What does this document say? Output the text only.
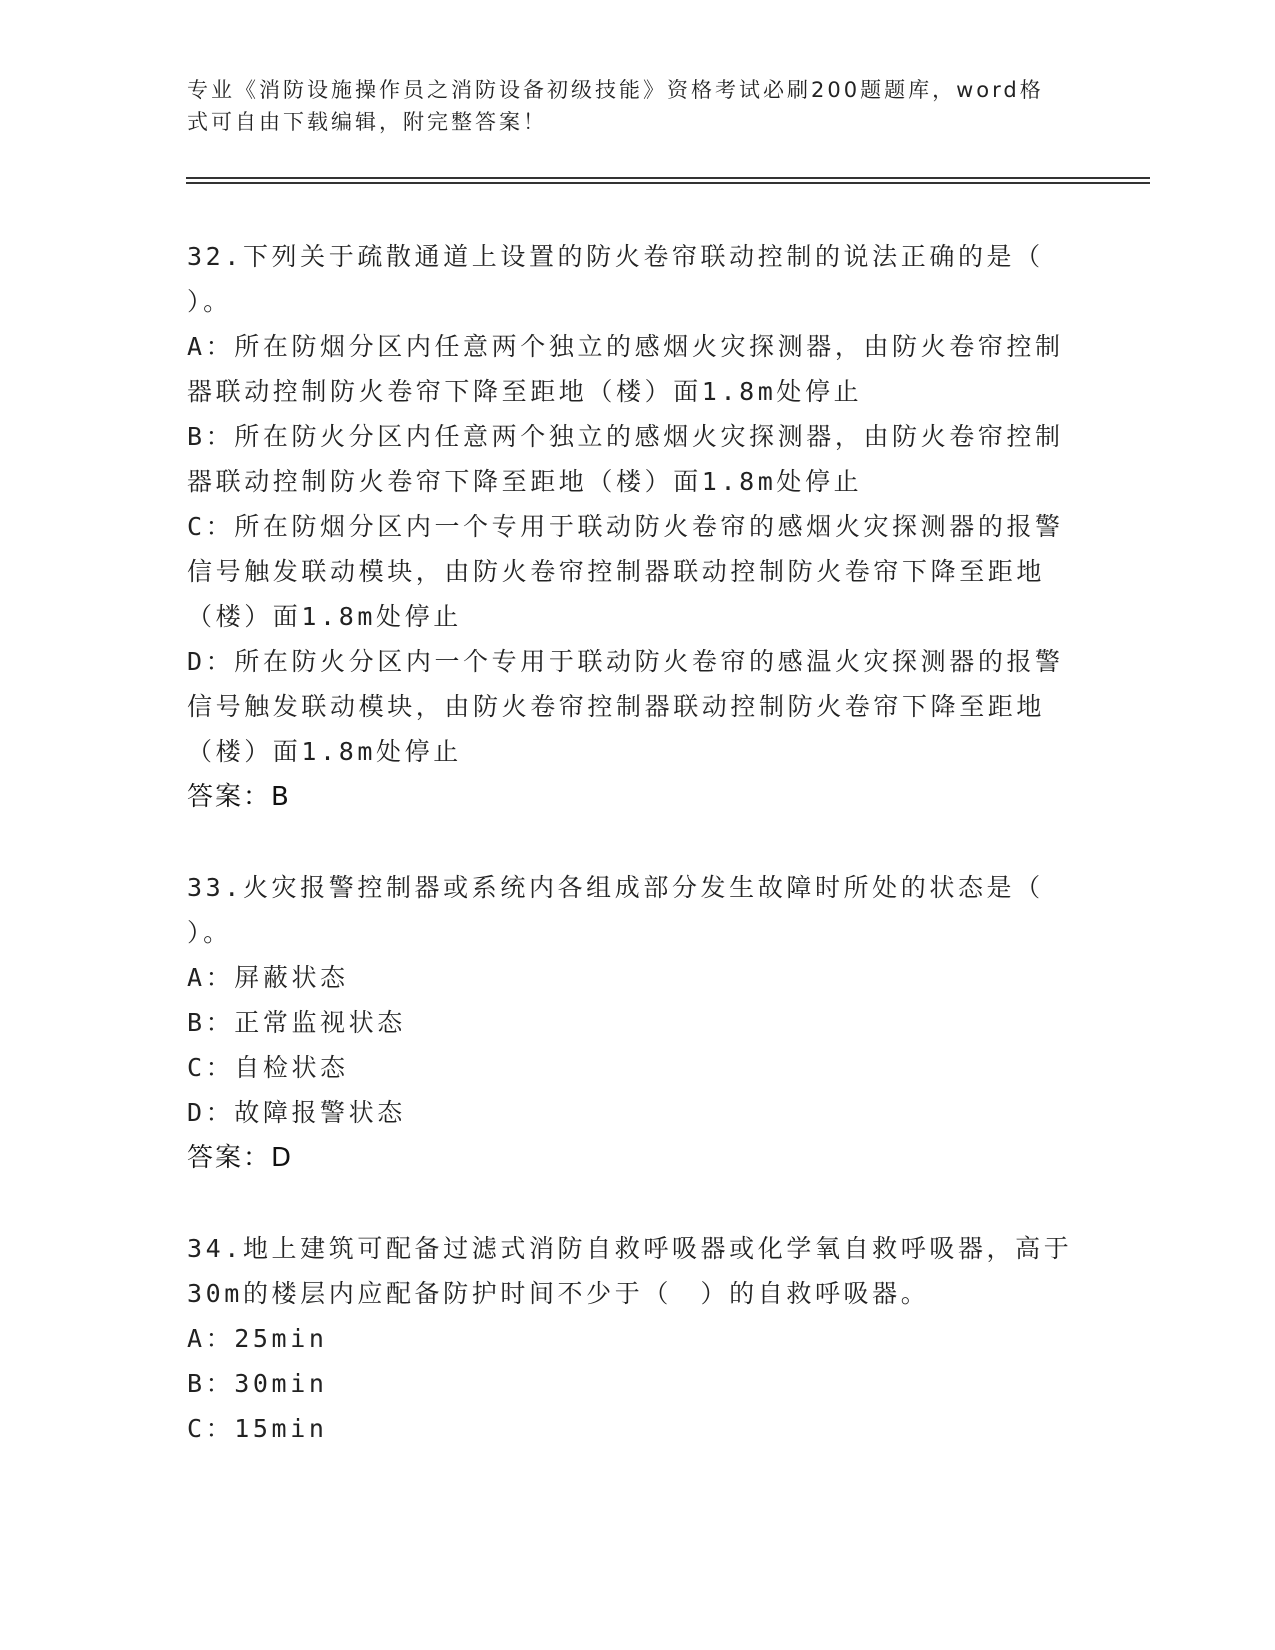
专业《消防设施操作员之消防设备初级技能》资格考试必刷200题题库，word格
式可自由下载编辑，附完整答案！
32.下列关于疏散通道上设置的防火卷帘联动控制的说法正确的是（
）。
A：所在防烟分区内任意两个独立的感烟火灾探测器，由防火卷帘控制
器联动控制防火卷帘下降至距地（楼）面1.8m处停止
B：所在防火分区内任意两个独立的感烟火灾探测器，由防火卷帘控制
器联动控制防火卷帘下降至距地（楼）面1.8m处停止
C：所在防烟分区内一个专用于联动防火卷帘的感烟火灾探测器的报警
信号触发联动模块，由防火卷帘控制器联动控制防火卷帘下降至距地
（楼）面1.8m处停止
D：所在防火分区内一个专用于联动防火卷帘的感温火灾探测器的报警
信号触发联动模块，由防火卷帘控制器联动控制防火卷帘下降至距地
（楼）面1.8m处停止
答案：B
33.火灾报警控制器或系统内各组成部分发生故障时所处的状态是（
）。
A：屏蔽状态
B：正常监视状态
C：自检状态
D：故障报警状态
答案：D
34.地上建筑可配备过滤式消防自救呼吸器或化学氧自救呼吸器，高于
30m的楼层内应配备防护时间不少于（　）的自救呼吸器。
A：25min
B：30min
C：15min
